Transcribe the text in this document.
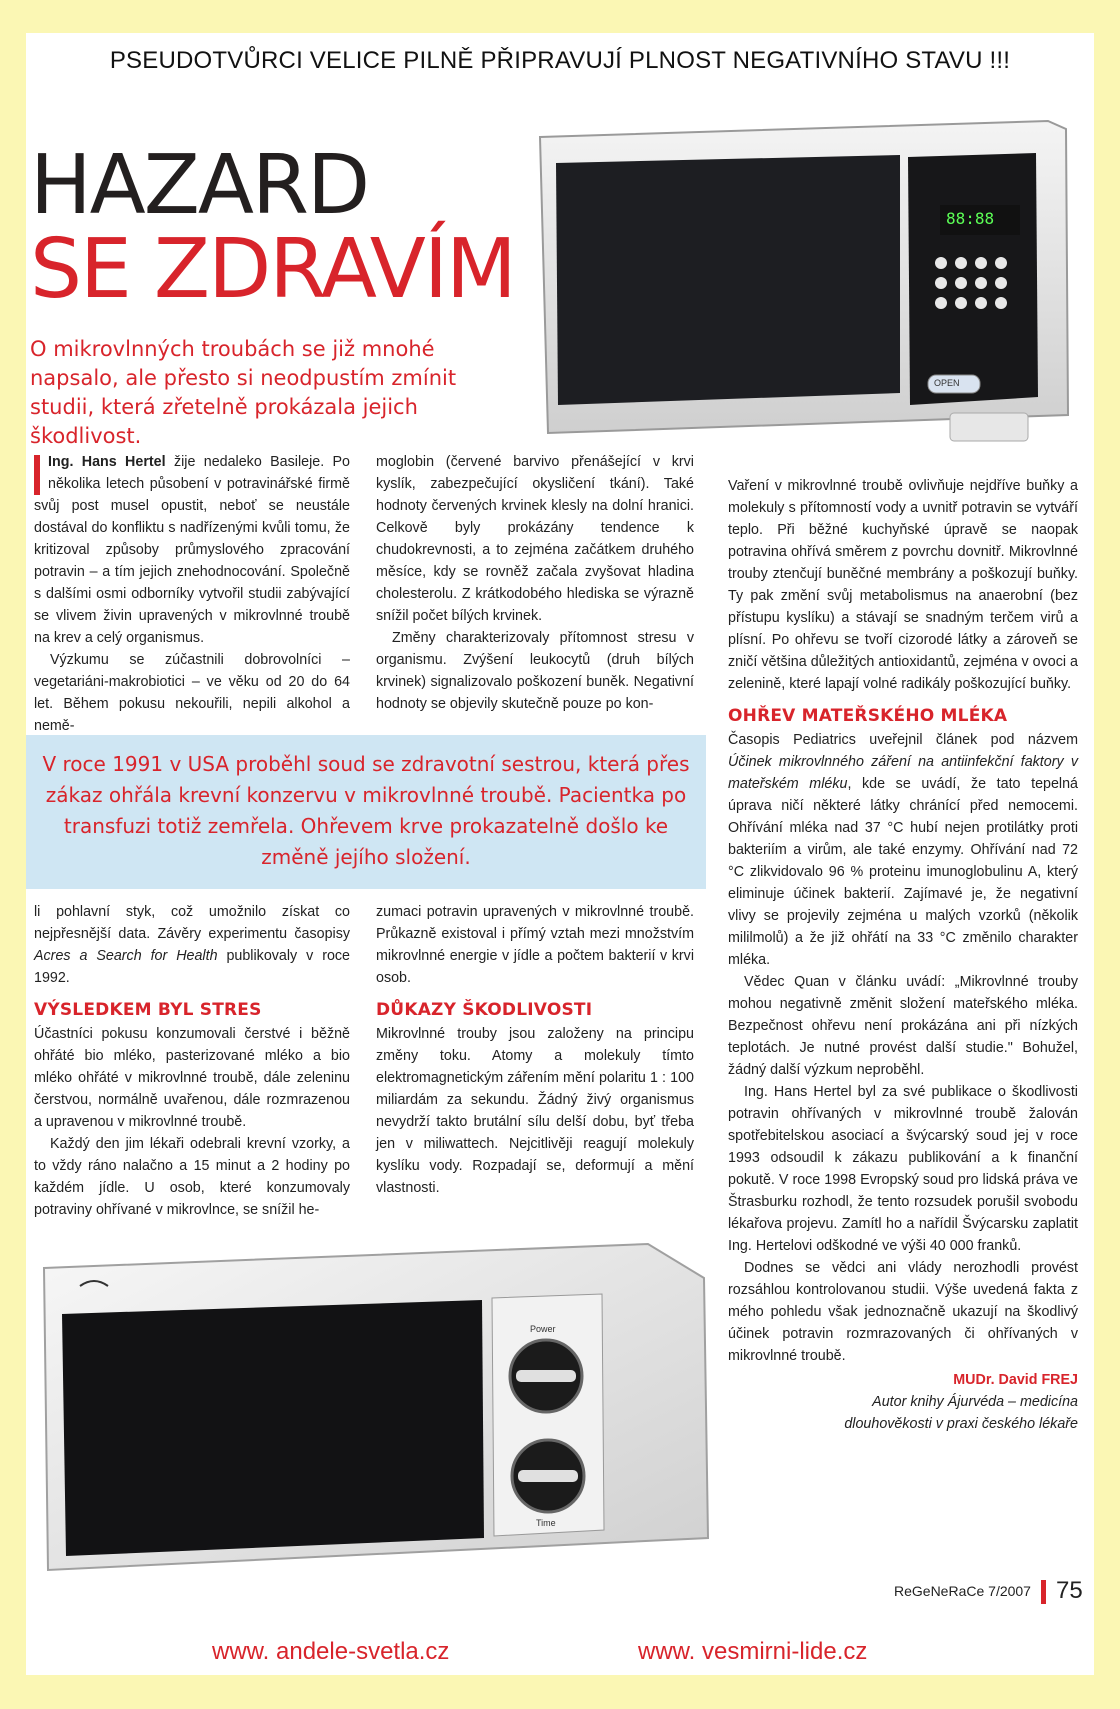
PSEUDOTVŮRCI VELICE PILNĚ PŘIPRAVUJÍ PLNOST NEGATIVNÍHO STAVU !!!
HAZARD
SE ZDRAVÍM
O mikrovlnných troubách se již mnohé napsalo, ale přesto si neodpustím zmínit studii, která zřetelně prokázala jejich škodlivost.
88:88
OPEN

Ing. Hans Hertel žije nedaleko Basileje. Po několika letech působení v potravinářské firmě svůj post musel opustit, neboť se neustále dostával do konfliktu s nadřízenými kvůli tomu, že kritizoval způsoby průmyslového zpracování potravin – a tím jejich znehodnocování. Společně s dalšími osmi odborníky vytvořil studii zabývající se vlivem živin upravených v mikrovlnné troubě na krev a celý organismus.

Výzkumu se zúčastnili dobrovolníci – vegetariáni-makrobiotici – ve věku od 20 do 64 let. Během pokusu nekouřili, nepili alkohol a nemě-

moglobin (červené barvivo přenášející v krvi kyslík, zabezpečující okysličení tkání). Také hodnoty červených krvinek klesly na dolní hranici. Celkově byly prokázány tendence k chudokrevnosti, a to zejména začátkem druhého měsíce, kdy se rovněž začala zvyšovat hladina cholesterolu. Z krátkodobého hlediska se výrazně snížil počet bílých krvinek.

Změny charakterizovaly přítomnost stresu v organismu. Zvýšení leukocytů (druh bílých krvinek) signalizovalo poškození buněk. Negativní hodnoty se objevily skutečně pouze po kon-

V roce 1991 v USA proběhl soud se zdravotní sestrou, která přes zákaz ohřála krevní konzervu v mikrovlnné troubě. Pacientka po transfuzi totiž zemřela. Ohřevem krve prokazatelně došlo ke změně jejího složení.

li pohlavní styk, což umožnilo získat co nejpřesnější data. Závěry experimentu časopisy Acres a Search for Health publikovaly v roce 1992.

VÝSLEDKEM BYL STRES

Účastníci pokusu konzumovali čerstvé i běžně ohřáté bio mléko, pasterizované mléko a bio mléko ohřáté v mikrovlnné troubě, dále zeleninu čerstvou, normálně uvařenou, dále rozmrazenou a upravenou v mikrovlnné troubě.

Každý den jim lékaři odebrali krevní vzorky, a to vždy ráno nalačno a 15 minut a 2 hodiny po každém jídle. U osob, které konzumovaly potraviny ohřívané v mikrovlnce, se snížil he-

zumaci potravin upravených v mikrovlnné troubě. Průkazně existoval i přímý vztah mezi množstvím mikrovlnné energie v jídle a počtem bakterií v krvi osob.

DŮKAZY ŠKODLIVOSTI

Mikrovlnné trouby jsou založeny na principu změny toku. Atomy a molekuly tímto elektromagnetickým zářením mění polaritu 1 : 100 miliardám za sekundu. Žádný živý organismus nevydrží takto brutální sílu delší dobu, byť třeba jen v miliwattech. Nejcitlivěji reagují molekuly kyslíku vody. Rozpadají se, deformují a mění vlastnosti.

Vaření v mikrovlnné troubě ovlivňuje nejdříve buňky a molekuly s přítomností vody a uvnitř potravin se vytváří teplo. Při běžné kuchyňské úpravě se naopak potravina ohřívá směrem z povrchu dovnitř. Mikrovlnné trouby ztenčují buněčné membrány a poškozují buňky. Ty pak změní svůj metabolismus na anaerobní (bez přístupu kyslíku) a stávají se snadným terčem virů a plísní. Po ohřevu se tvoří cizorodé látky a zároveň se zničí většina důležitých antioxidantů, zejména v ovoci a zelenině, které lapají volné radikály poškozující buňky.

OHŘEV MATEŘSKÉHO MLÉKA

Časopis Pediatrics uveřejnil článek pod názvem Účinek mikrovlnného záření na antiinfekční faktory v mateřském mléku, kde se uvádí, že tato tepelná úprava ničí některé látky chránící před nemocemi. Ohřívání mléka nad 37 °C hubí nejen protilátky proti bakteriím a virům, ale také enzymy. Ohřívání nad 72 °C zlikvidovalo 96 % proteinu imunoglobulinu A, který eliminuje účinek bakterií. Zajímavé je, že negativní vlivy se projevily zejména u malých vzorků (několik mililmolů) a že již ohřátí na 33 °C změnilo charakter mléka.

Vědec Quan v článku uvádí: „Mikrovlnné trouby mohou negativně změnit složení mateřského mléka. Bezpečnost ohřevu není prokázána ani při nízkých teplotách. Je nutné provést další studie." Bohužel, žádný další výzkum neproběhl.

Ing. Hans Hertel byl za své publikace o škodlivosti potravin ohřívaných v mikrovlnné troubě žalován spotřebitelskou asociací a švýcarský soud jej v roce 1993 odsoudil k zákazu publikování a k finanční pokutě. V roce 1998 Evropský soud pro lidská práva ve Štrasburku rozhodl, že tento rozsudek porušil svobodu lékařova projevu. Zamítl ho a nařídil Švýcarsku zaplatit Ing. Hertelovi odškodné ve výši 40 000 franků.

Dodnes se vědci ani vlády nerozhodli provést rozsáhlou kontrolovanou studii. Výše uvedená fakta z mého pohledu však jednoznačně ukazují na škodlivý účinek potravin rozmrazovaných či ohřívaných v mikrovlnné troubě.

MUDr. David FREJ
Autor knihy Ájurvéda – medicína
dlouhověkosti v praxi českého lékaře
Power
Time
ReGeNeRaCe 7/2007 75
www. andele-svetla.cz	www. vesmirni-lide.cz
